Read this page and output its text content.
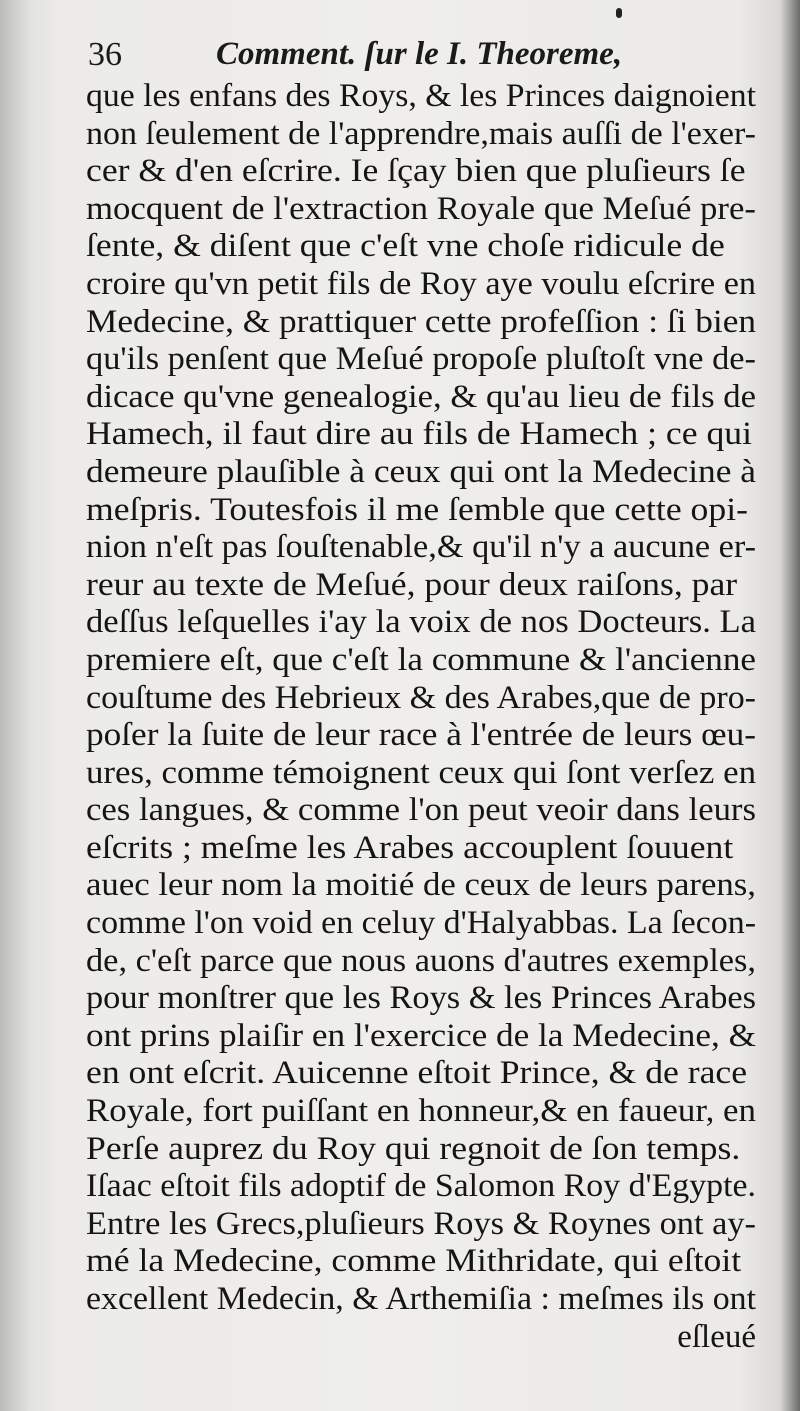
36	Comment. ſur le I. Theoreme,
que les enfans des Roys, & les Princes daignoient
non ſeulement de l'apprendre,mais auſſi de l'exer-
cer & d'en eſcrire. Ie ſçay bien que pluſieurs ſe
mocquent de l'extraction Royale que Meſué pre-
ſente, & diſent que c'eſt vne choſe ridicule de
croire qu'vn petit fils de Roy aye voulu eſcrire en
Medecine, & prattiquer cette profeſſion : ſi bien
qu'ils penſent que Meſué propoſe pluſtoſt vne de-
dicace qu'vne genealogie, & qu'au lieu de fils de
Hamech, il faut dire au fils de Hamech ; ce qui
demeure plauſible à ceux qui ont la Medecine à
meſpris. Toutesfois il me ſemble que cette opi-
nion n'eſt pas ſouſtenable,& qu'il n'y a aucune er-
reur au texte de Meſué, pour deux raiſons, par
deſſus leſquelles i'ay la voix de nos Docteurs. La
premiere eſt, que c'eſt la commune & l'ancienne
couſtume des Hebrieux & des Arabes,que de pro-
poſer la ſuite de leur race à l'entrée de leurs œu-
ures, comme témoignent ceux qui ſont verſez en
ces langues, & comme l'on peut veoir dans leurs
eſcrits ; meſme les Arabes accouplent ſouuent
auec leur nom la moitié de ceux de leurs parens,
comme l'on void en celuy d'Halyabbas. La ſecon-
de, c'eſt parce que nous auons d'autres exemples,
pour monſtrer que les Roys & les Princes Arabes
ont prins plaiſir en l'exercice de la Medecine, &
en ont eſcrit. Auicenne eſtoit Prince, & de race
Royale, fort puiſſant en honneur,& en faueur, en
Perſe auprez du Roy qui regnoit de ſon temps.
Iſaac eſtoit fils adoptif de Salomon Roy d'Egypte.
Entre les Grecs,pluſieurs Roys & Roynes ont ay-
mé la Medecine, comme Mithridate, qui eſtoit
excellent Medecin, & Arthemiſia : meſmes ils ont
eſleué
